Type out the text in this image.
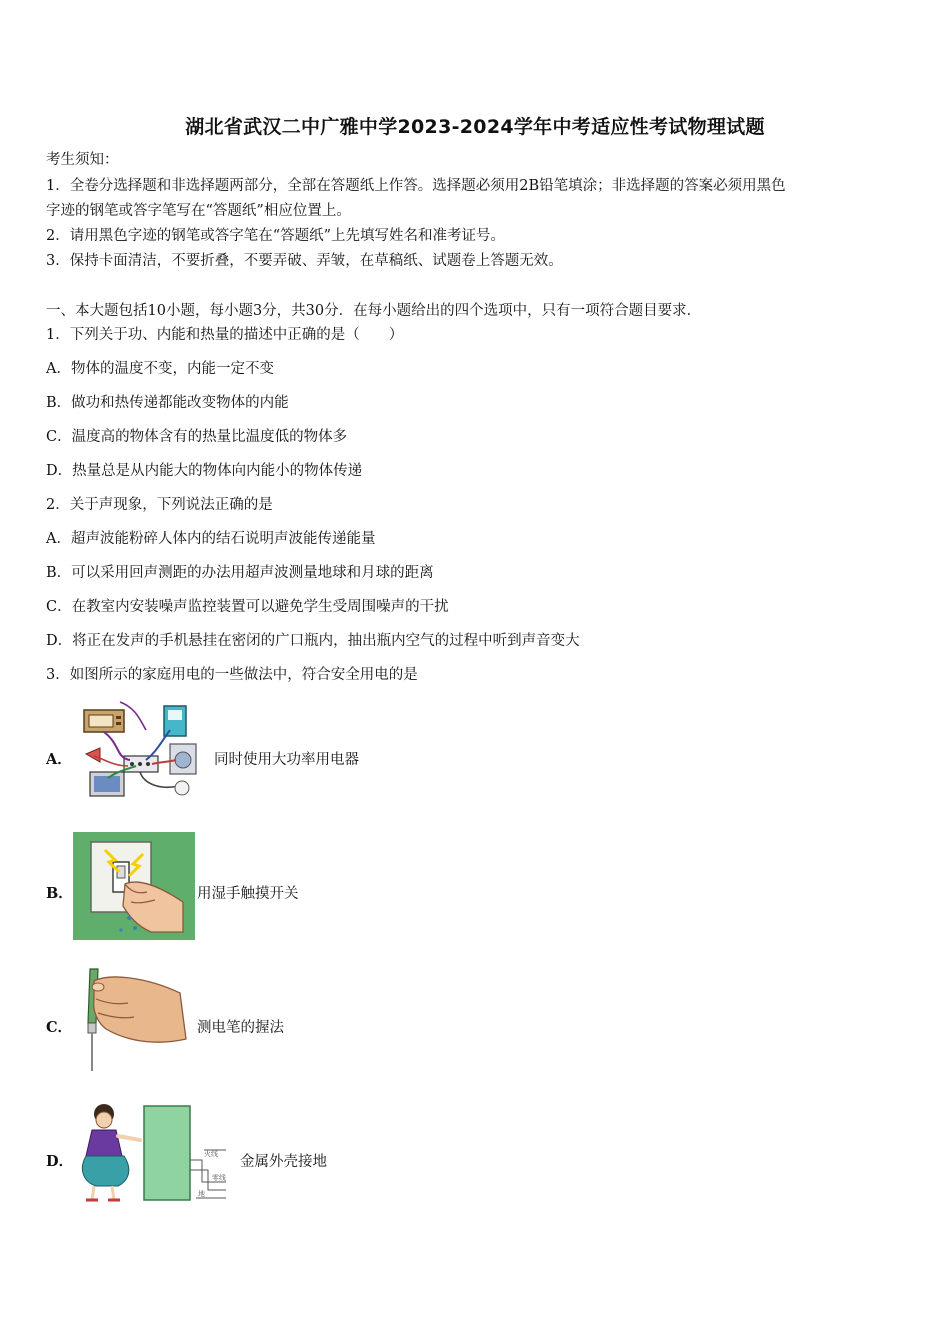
湖北省武汉二中广雅中学2023-2024学年中考适应性考试物理试题
考生须知：
1．全卷分选择题和非选择题两部分，全部在答题纸上作答。选择题必须用2B铅笔填涂；非选择题的答案必须用黑色
字迹的钢笔或答字笔写在“答题纸”相应位置上。
2．请用黑色字迹的钢笔或答字笔在“答题纸”上先填写姓名和准考证号。
3．保持卡面清洁，不要折叠，不要弄破、弄皱，在草稿纸、试题卷上答题无效。
一、本大题包括10小题，每小题3分，共30分．在每小题给出的四个选项中，只有一项符合题目要求．
1．下列关于功、内能和热量的描述中正确的是（　　）
A．物体的温度不变，内能一定不变
B．做功和热传递都能改变物体的内能
C．温度高的物体含有的热量比温度低的物体多
D．热量总是从内能大的物体向内能小的物体传递
2．关于声现象，下列说法正确的是
A．超声波能粉碎人体内的结石说明声波能传递能量
B．可以采用回声测距的办法用超声波测量地球和月球的距离
C．在教室内安装噪声监控装置可以避免学生受周围噪声的干扰
D．将正在发声的手机悬挂在密闭的广口瓶内，抽出瓶内空气的过程中听到声音变大
3．如图所示的家庭用电的一些做法中，符合安全用电的是
A．	同时使用大功率用电器
B．	用湿手触摸开关
C．	测电笔的握法
D．	火线
零线
地
金属外壳接地
